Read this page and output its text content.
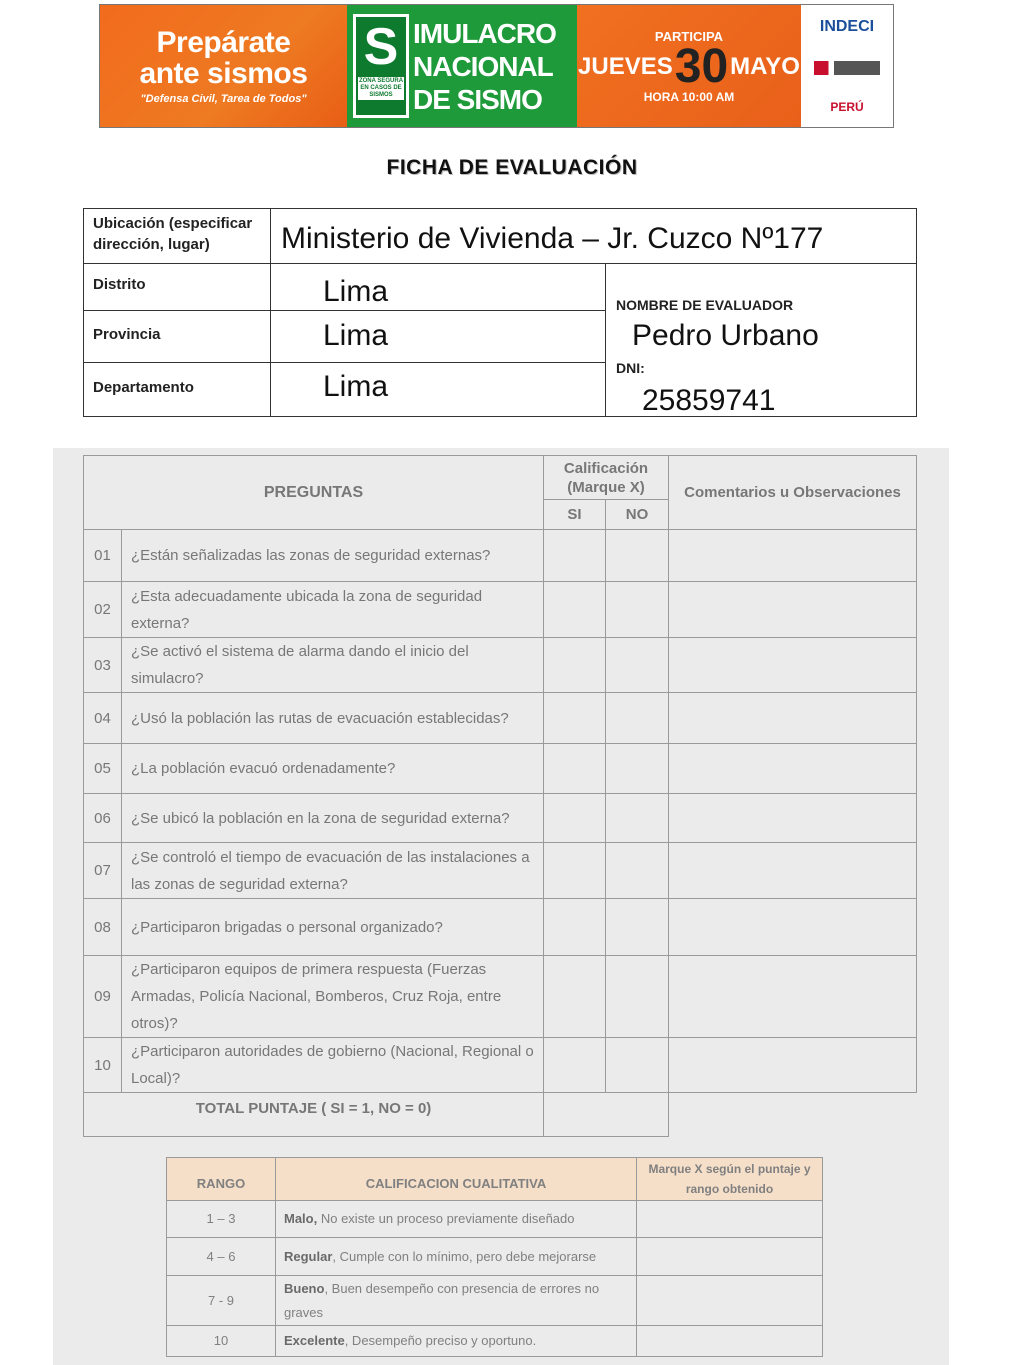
Prepárate
ante sismos
"Defensa Civil, Tarea de Todos"
S
ZONA SEGURA EN CASOS DE SISMOS
IMULACRO
NACIONAL
DE SISMO
PARTICIPA
JUEVES 30 MAYO
HORA 10:00 AM
INDECI
PERÚ
FICHA DE EVALUACIÓN
Ubicación (especificar dirección, lugar)	Ministerio de Vivienda – Jr. Cuzco Nº177
Distrito	Lima
Provincia	Lima
Departamento	Lima
NOMBRE DE EVALUADOR
Pedro Urbano
DNI:
25859741
PREGUNTAS		Calificación (Marque X)		Comentarios u Observaciones
		SI	NO	
01	¿Están señalizadas las zonas de seguridad externas?			
02	¿Esta adecuadamente ubicada la zona de seguridad externa?			
03	¿Se activó el sistema de alarma dando el inicio del simulacro?			
04	¿Usó la población las rutas de evacuación establecidas?			
05	¿La población evacuó ordenadamente?			
06	¿Se ubicó la población en la zona de seguridad externa?			
07	¿Se controló el tiempo de evacuación de las instalaciones a las zonas de seguridad externa?			
08	¿Participaron brigadas o personal organizado?			
09	¿Participaron equipos de primera respuesta (Fuerzas Armadas, Policía Nacional, Bomberos, Cruz Roja, entre otros)?			
10	¿Participaron autoridades de gobierno (Nacional, Regional o Local)?			
TOTAL PUNTAJE ( SI = 1, NO = 0)				
RANGO	CALIFICACION CUALITATIVA	Marque X según el puntaje y rango obtenido
1 – 3	Malo, No existe un proceso previamente diseñado	
4 – 6	Regular, Cumple con lo mínimo, pero debe mejorarse	
7 - 9	Bueno, Buen desempeño con presencia de errores no graves	
10	Excelente, Desempeño preciso y oportuno.	
